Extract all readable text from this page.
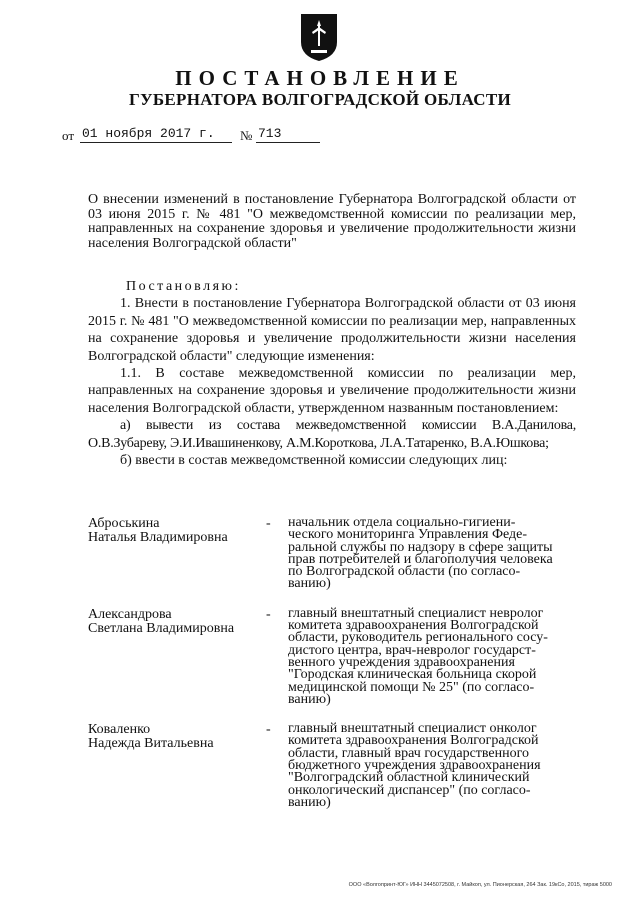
ПОСТАНОВЛЕНИЕ
ГУБЕРНАТОРА ВОЛГОГРАДСКОЙ ОБЛАСТИ
от 01 ноября 2017 г. № 713
О внесении изменений в постановление Губернатора Волгоградской области от 03 июня 2015 г. № 481 "О межведомственной комиссии по реализации мер, направленных на сохранение здоровья и увеличение продолжительности жизни населения Волгоградской области"

Постановляю:

1. Внести в постановление Губернатора Волгоградской области от 03 июня 2015 г. № 481 "О межведомственной комиссии по реализации мер, направленных на сохранение здоровья и увеличение продолжительности жизни населения Волгоградской области" следующие изменения:

1.1. В составе межведомственной комиссии по реализации мер, направленных на сохранение здоровья и увеличение продолжительности жизни населения Волгоградской области, утвержденном названным постановлением:

а) вывести из состава межведомственной комиссии В.А.Данилова, О.В.Зубареву, Э.И.Ивашиненкову, А.М.Короткова, Л.А.Татаренко, В.А.Юшкова;

б) ввести в состав межведомственной комиссии следующих лиц:

Аброськина
Наталья Владимировна
- начальник отдела социально-гигиени-
ческого мониторинга Управления Феде-
ральной службы по надзору в сфере защиты
прав потребителей и благополучия человека
по Волгоградской области (по согласо-
ванию)
Александрова
Светлана Владимировна
- главный внештатный специалист невролог
комитета здравоохранения Волгоградской
области, руководитель регионального сосу-
дистого центра, врач-невролог государст-
венного учреждения здравоохранения
"Городская клиническая больница скорой
медицинской помощи № 25" (по согласо-
ванию)
Коваленко
Надежда Витальевна
- главный внештатный специалист онколог
комитета здравоохранения Волгоградской
области, главный врач государственного
бюджетного учреждения здравоохранения
"Волгоградский областной клинический
онкологический диспансер" (по согласо-
ванию)
ООО «Волгопринт-ЮГ» ИНН 3445072508, г. Майкоп, ул. Пионерская, 264 Зак. 19кСо, 2015, тираж 5000
